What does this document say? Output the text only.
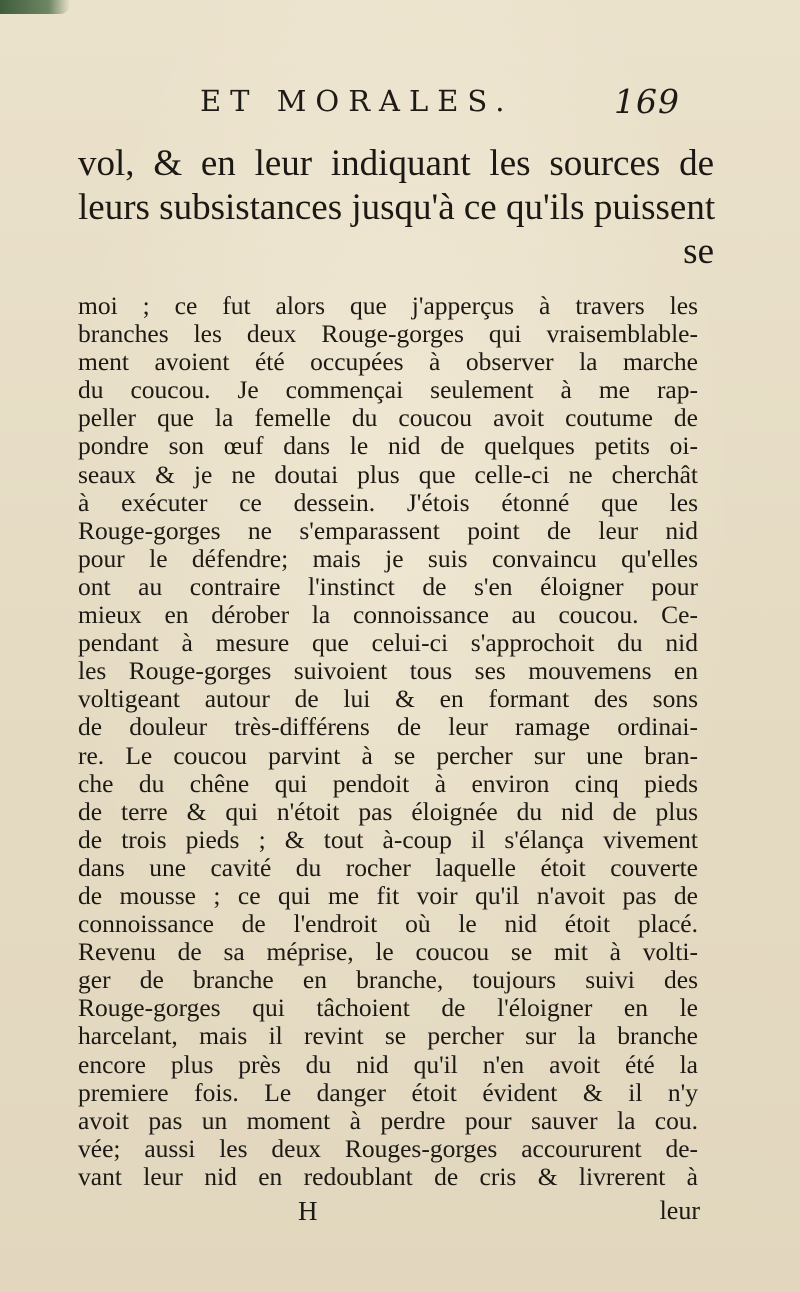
ET MORALES.	169
vol, & en leur indiquant les sources de
leurs subsistances jusqu'à ce qu'ils puissent
se
moi ; ce fut alors que j'apperçus à travers les
branches les deux Rouge-gorges qui vraisemblable-
ment avoient été occupées à observer la marche
du coucou. Je commençai seulement à me rap-
peller que la femelle du coucou avoit coutume de
pondre son œuf dans le nid de quelques petits oi-
seaux & je ne doutai plus que celle-ci ne cherchât
à exécuter ce dessein. J'étois étonné que les
Rouge-gorges ne s'emparassent point de leur nid
pour le défendre; mais je suis convaincu qu'elles
ont au contraire l'instinct de s'en éloigner pour
mieux en dérober la connoissance au coucou. Ce-
pendant à mesure que celui-ci s'approchoit du nid
les Rouge-gorges suivoient tous ses mouvemens en
voltigeant autour de lui & en formant des sons
de douleur très-différens de leur ramage ordinai-
re. Le coucou parvint à se percher sur une bran-
che du chêne qui pendoit à environ cinq pieds
de terre & qui n'étoit pas éloignée du nid de plus
de trois pieds ; & tout à-coup il s'élança vivement
dans une cavité du rocher laquelle étoit couverte
de mousse ; ce qui me fit voir qu'il n'avoit pas de
connoissance de l'endroit où le nid étoit placé.
Revenu de sa méprise, le coucou se mit à volti-
ger de branche en branche, toujours suivi des
Rouge-gorges qui tâchoient de l'éloigner en le
harcelant, mais il revint se percher sur la branche
encore plus près du nid qu'il n'en avoit été la
premiere fois. Le danger étoit évident & il n'y
avoit pas un moment à perdre pour sauver la cou.
vée; aussi les deux Rouges-gorges accoururent de-
vant leur nid en redoublant de cris & livrerent à
H	leur
